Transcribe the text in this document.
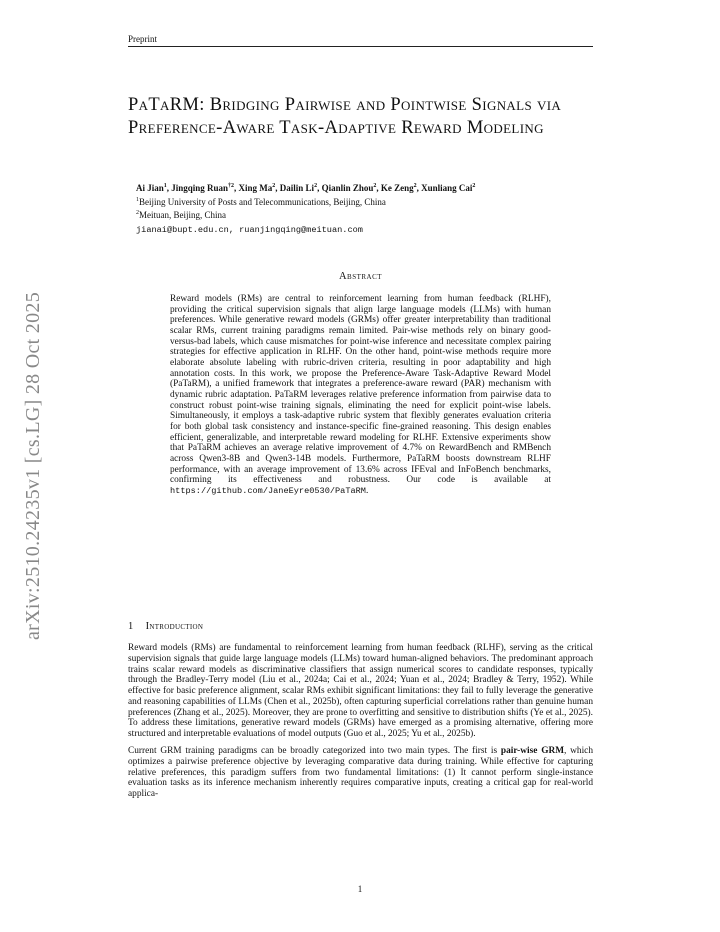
Preprint
arXiv:2510.24235v1 [cs.LG] 28 Oct 2025
PaTaRM: Bridging Pairwise and Pointwise Signals via Preference-Aware Task-Adaptive Reward Modeling
Ai Jian$^1$, Jingqing Ruan$^{\dagger 2}$, Xing Ma$^2$, Dailin Li$^2$, Qianlin Zhou$^2$, Ke Zeng$^2$, Xunliang Cai$^2$
$^1$Beijing University of Posts and Telecommunications, Beijing, China
$^2$Meituan, Beijing, China
jianai@bupt.edu.cn, ruanjingqing@meituan.com
Abstract
Reward models (RMs) are central to reinforcement learning from human feedback (RLHF), providing the critical supervision signals that align large language models (LLMs) with human preferences. While generative reward models (GRMs) offer greater interpretability than traditional scalar RMs, current training paradigms remain limited. Pair-wise methods rely on binary good-versus-bad labels, which cause mismatches for point-wise inference and necessitate complex pairing strategies for effective application in RLHF. On the other hand, point-wise methods require more elaborate absolute labeling with rubric-driven criteria, resulting in poor adaptability and high annotation costs. In this work, we propose the Preference-Aware Task-Adaptive Reward Model (PaTaRM), a unified framework that integrates a preference-aware reward (PAR) mechanism with dynamic rubric adaptation. PaTaRM leverages relative preference information from pairwise data to construct robust point-wise training signals, eliminating the need for explicit point-wise labels. Simultaneously, it employs a task-adaptive rubric system that flexibly generates evaluation criteria for both global task consistency and instance-specific fine-grained reasoning. This design enables efficient, generalizable, and interpretable reward modeling for RLHF. Extensive experiments show that PaTaRM achieves an average relative improvement of 4.7% on RewardBench and RMBench across Qwen3-8B and Qwen3-14B models. Furthermore, PaTaRM boosts downstream RLHF performance, with an average improvement of 13.6% across IFEval and InFoBench benchmarks, confirming its effectiveness and robustness. Our code is available at https://github.com/JaneEyre0530/PaTaRM.
1 Introduction
Reward models (RMs) are fundamental to reinforcement learning from human feedback (RLHF), serving as the critical supervision signals that guide large language models (LLMs) toward human-aligned behaviors. The predominant approach trains scalar reward models as discriminative classifiers that assign numerical scores to candidate responses, typically through the Bradley-Terry model (Liu et al., 2024a; Cai et al., 2024; Yuan et al., 2024; Bradley & Terry, 1952). While effective for basic preference alignment, scalar RMs exhibit significant limitations: they fail to fully leverage the generative and reasoning capabilities of LLMs (Chen et al., 2025b), often capturing superficial correlations rather than genuine human preferences (Zhang et al., 2025). Moreover, they are prone to overfitting and sensitive to distribution shifts (Ye et al., 2025). To address these limitations, generative reward models (GRMs) have emerged as a promising alternative, offering more structured and interpretable evaluations of model outputs (Guo et al., 2025; Yu et al., 2025b).
Current GRM training paradigms can be broadly categorized into two main types. The first is pair-wise GRM, which optimizes a pairwise preference objective by leveraging comparative data during training. While effective for capturing relative preferences, this paradigm suffers from two fundamental limitations: (1) It cannot perform single-instance evaluation tasks as its inference mechanism inherently requires comparative inputs, creating a critical gap for real-world applica-
1
